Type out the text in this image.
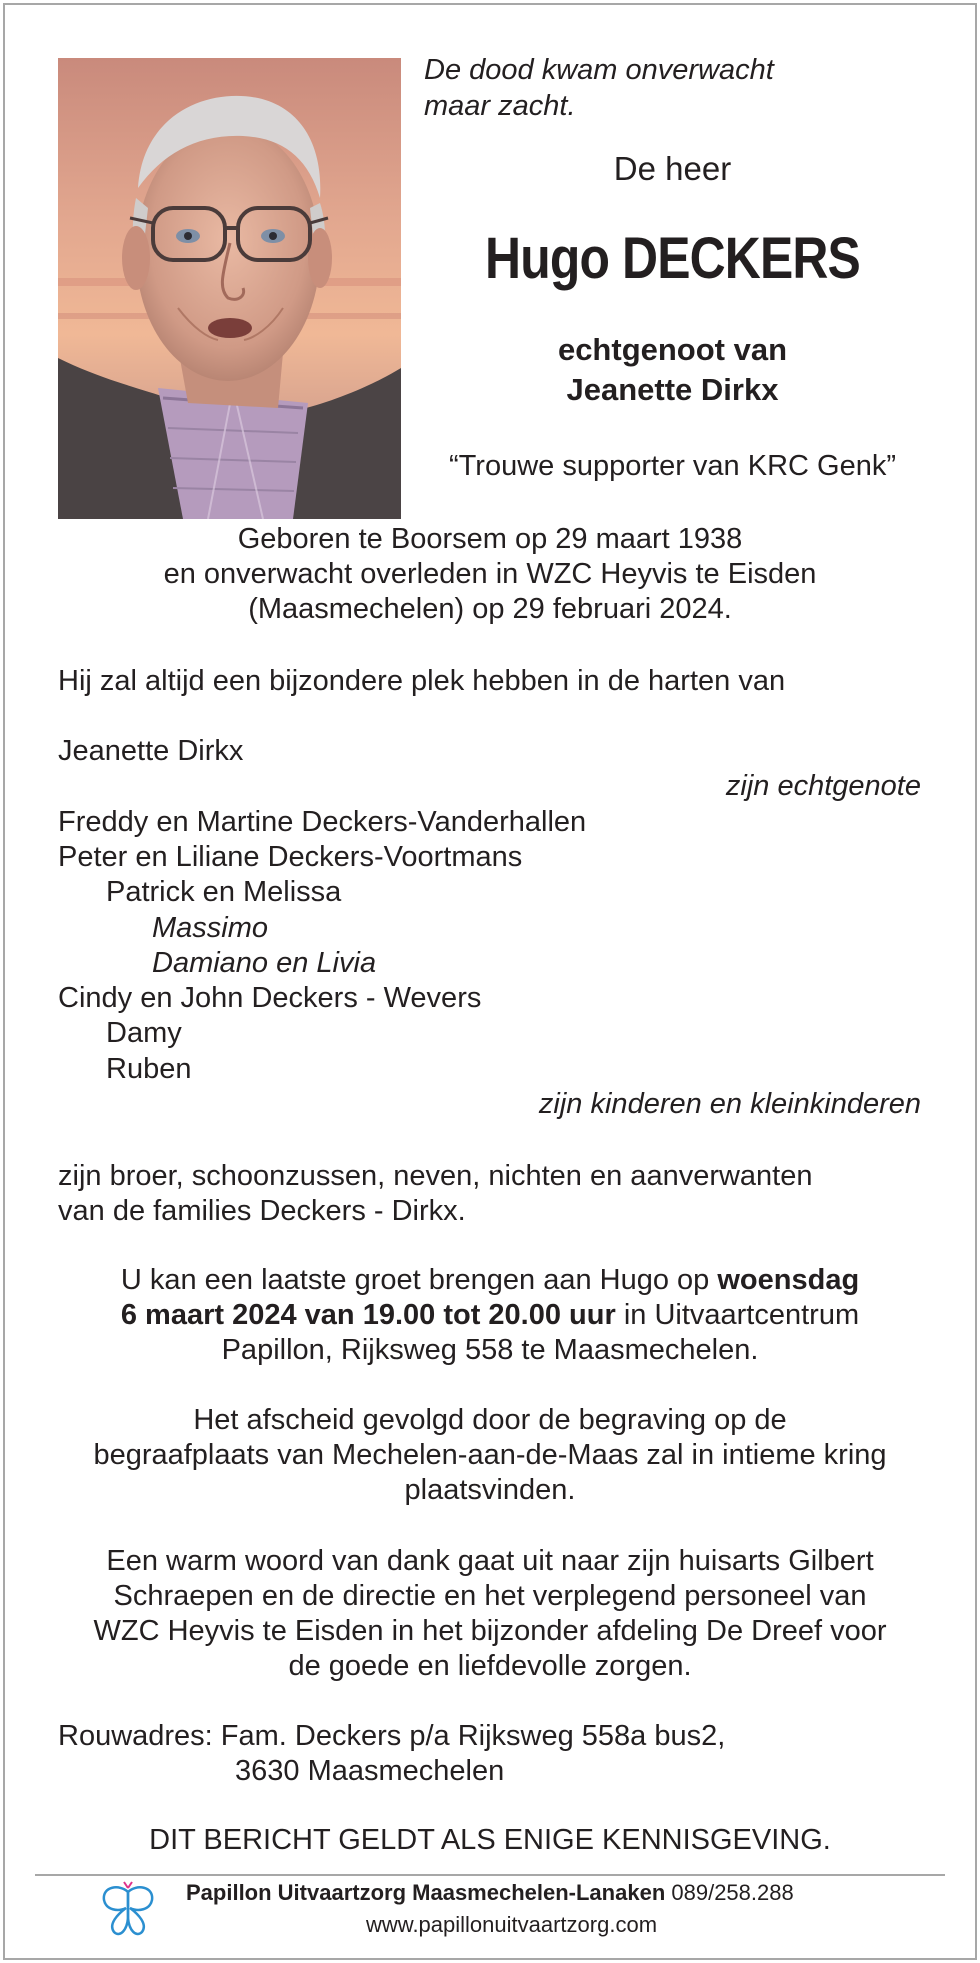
De dood kwam onverwacht
maar zacht.
De heer
Hugo DECKERS
echtgenoot van
Jeanette Dirkx
“Trouwe supporter van KRC Genk”
Geboren te Boorsem op 29 maart 1938
en onverwacht overleden in WZC Heyvis te Eisden
(Maasmechelen) op 29 februari 2024.
Hij zal altijd een bijzondere plek hebben in de harten van
Jeanette Dirkx
zijn echtgenote
Freddy en Martine Deckers-Vanderhallen
Peter en Liliane Deckers-Voortmans
Patrick en Melissa
Massimo
Damiano en Livia
Cindy en John Deckers - Wevers
Damy
Ruben
zijn kinderen en kleinkinderen
zijn broer, schoonzussen, neven, nichten en aanverwanten
van de families Deckers - Dirkx.
U kan een laatste groet brengen aan Hugo op woensdag
6 maart 2024 van 19.00 tot 20.00 uur in Uitvaartcentrum
Papillon, Rijksweg 558 te Maasmechelen.
Het afscheid gevolgd door de begraving op de
begraafplaats van Mechelen-aan-de-Maas zal in intieme kring
plaatsvinden.
Een warm woord van dank gaat uit naar zijn huisarts Gilbert
Schraepen en de directie en het verplegend personeel van
WZC Heyvis te Eisden in het bijzonder afdeling De Dreef voor
de goede en liefdevolle zorgen.
Rouwadres: Fam. Deckers p/a Rijksweg 558a bus2,
3630 Maasmechelen
DIT BERICHT GELDT ALS ENIGE KENNISGEVING.
Papillon Uitvaartzorg Maasmechelen-Lanaken 089/258.288
www.papillonuitvaartzorg.com
